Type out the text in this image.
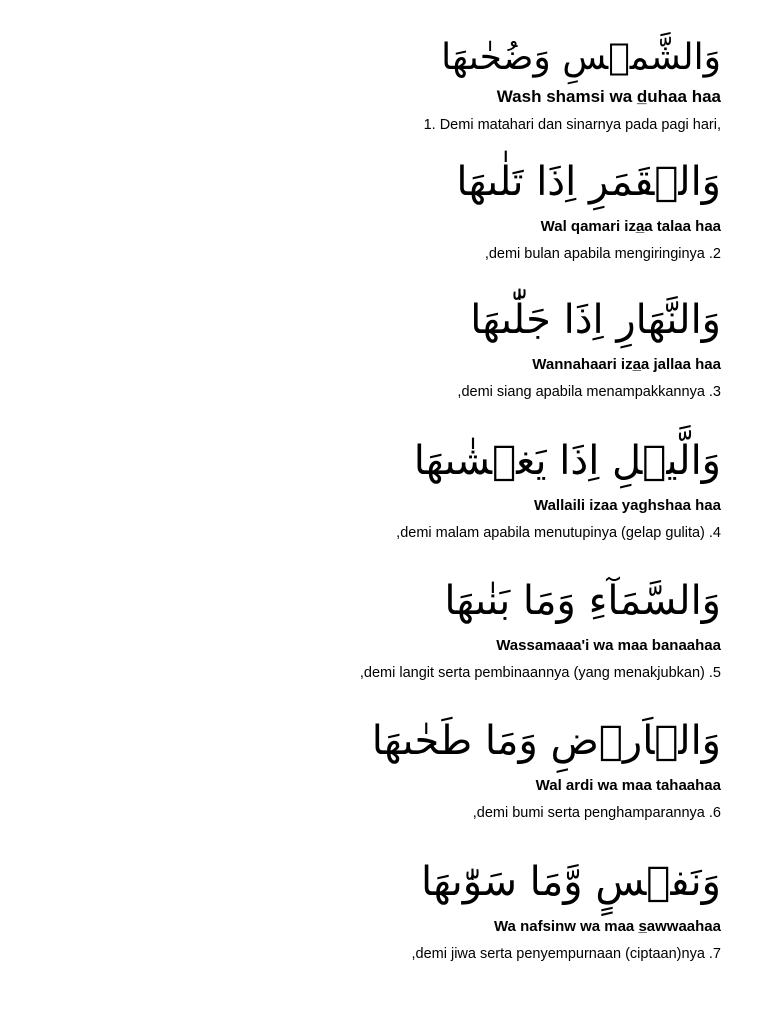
وَالشَّمۡسِ وَضُحٰٮهَا
Wash shamsi wa d̲uhaa haa
1. Demi matahari dan sinarnya pada pagi hari,
وَالۡقَمَرِ اِذَا تَلٰٮهَا
Wal qamari iza̲a talaa haa
,demi bulan apabila mengiringinya .2
وَالنَّهَارِ اِذَا جَلّٰٮهَا
Wannahaari iza̲a jallaa haa
,demi siang apabila menampakkannya .3
وَالَّيۡلِ اِذَا يَغۡشٰٮهَا
Wallaili izaa yaghshaa haa
,demi malam apabila menutupinya (gelap gulita) .4
وَالسَّمَآءِ وَمَا بَنٰٮهَا
Wassamaaa'i wa maa banaahaa
,demi langit serta pembinaannya (yang menakjubkan) .5
وَالۡاَرۡضِ وَمَا طَحٰٮهَا
Wal ardi wa maa tahaahaa
,demi bumi serta penghamparannya .6
وَنَفۡسٍ وَّمَا سَوّٰٮهَا
Wa nafsinw wa maa s̲awwaahaa
,demi jiwa serta penyempurnaan (ciptaan)nya .7
